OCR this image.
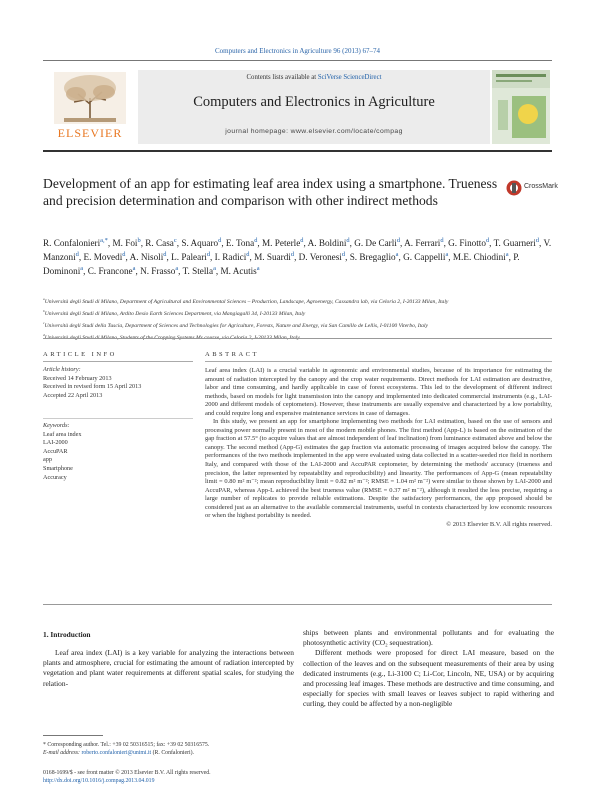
Computers and Electronics in Agriculture 96 (2013) 67–74
ELSEVIER
Contents lists available at SciVerse ScienceDirect
Computers and Electronics in Agriculture
journal homepage: www.elsevier.com/locate/compag
Development of an app for estimating leaf area index using a smartphone. Trueness and precision determination and comparison with other indirect methods
CrossMark
R. Confalonieri$^{a,*}$, M. Foi$^b$, R. Casa$^c$, S. Aquaro$^d$, E. Tona$^d$, M. Peterle$^d$, A. Boldini$^d$, G. De Carli$^d$, A. Ferrari$^d$, G. Finotto$^d$, T. Guarneri$^d$, V. Manzoni$^d$, E. Movedi$^d$, A. Nisoli$^d$, L. Paleari$^d$, I. Radici$^d$, M. Suardi$^d$, D. Veronesi$^d$, S. Bregaglio$^a$, G. Cappelli$^a$, M.E. Chiodini$^a$, P. Dominoni$^a$, C. Francone$^a$, N. Frasso$^a$, T. Stella$^a$, M. Acutis$^a$
$^a$Università degli Studi di Milano, Department of Agricultural and Environmental Sciences – Production, Landscape, Agroenergy, Cassandra lab, via Celoria 2, I-20133 Milan, Italy
$^b$Università degli Studi di Milano, Ardito Desio Earth Sciences Department, via Mangiagalli 34, I-20133 Milan, Italy
$^c$Università degli Studi della Tuscia, Department of Sciences and Technologies for Agriculture, Forests, Nature and Energy, via San Camillo de Lellis, I-01100 Viterbo, Italy
$^d$
ARTICLE INFO	ABSTRACT
Article history:
Received 14 February 2013
Received in revised form 15 April 2013
Accepted 22 April 2013
Keywords:
Leaf area index
LAI-2000
AccuPAR
app
Smartphone
Accuracy

Leaf area index (LAI) is a crucial variable in agronomic and environmental studies, because of its importance for estimating the amount of radiation intercepted by the canopy and the crop water requirements. Direct methods for LAI estimation are destructive, labor and time consuming, and hardly applicable in case of forest ecosystems. This led to the development of different indirect methods, based on models for light transmission into the canopy and implemented into dedicated commercial instruments (e.g., LAI-2000 and different models of ceptometers). However, these instruments are usually expensive and characterized by a low portability, and could require long and expensive maintenance services in case of damages.

In this study, we present an app for smartphone implementing two methods for LAI estimation, based on the use of sensors and processing power normally present in most of the modern mobile phones. The first method (App-L) is based on the estimation of the gap fraction at 57.5° (to acquire values that are almost independent of leaf inclination) from luminance estimated above and below the canopy. The second method (App-G) estimates the gap fraction via automatic processing of images acquired below the canopy. The performances of the two methods implemented in the app were evaluated using data collected in a scatter-seeded rice field in northern Italy, and compared with those of the LAI-2000 and AccuPAR ceptometer, by determining the methods' accuracy (trueness and precision, the latter represented by repeatability and reproducibility) and linearity. The performances of App-G (mean repeatability limit = 0.80 m² m⁻²; mean reproducibility limit = 0.82 m² m⁻²; RMSE = 1.04 m² m⁻²) were similar to those shown by LAI-2000 and AccuPAR, whereas App-L achieved the best trueness value (RMSE = 0.37 m² m⁻²), although it resulted the less precise, requiring a large number of replicates to provide reliable estimations. Despite the satisfactory performances, the app proposed should be considered just as an alternative to the available commercial instruments, useful in contexts characterized by low economic resources or when the highest portability is needed.

© 2013 Elsevier B.V. All rights reserved.
1. Introduction

Leaf area index (LAI) is a key variable for analyzing the interactions between plants and atmosphere, crucial for estimating the amount of radiation intercepted by vegetation and plant water requirements at different spatial scales, for studying the relation-

ships between plants and environmental pollutants and for evaluating the photosynthetic activity (CO₂ sequestration).

Different methods were proposed for direct LAI measure, based on the collection of the leaves and on the subsequent measurements of their area by using dedicated instruments (e.g., Li-3100 C; Li-Cor, Lincoln, NE, USA) or by acquiring and processing leaf images. These methods are destructive and time consuming, and especially for species with small leaves or leaves subject to rapid withering and curling, they could be affected by a non-negligible

* Corresponding author. Tel.: +39 02 50316515; fax: +39 02 50316575.
E-mail address: roberto.confalonieri@unimi.it (R. Confalonieri).
0168-1699/$ - see front matter © 2013 Elsevier B.V. All rights reserved.
http://dx.doi.org/10.1016/j.compag.2013.04.019
